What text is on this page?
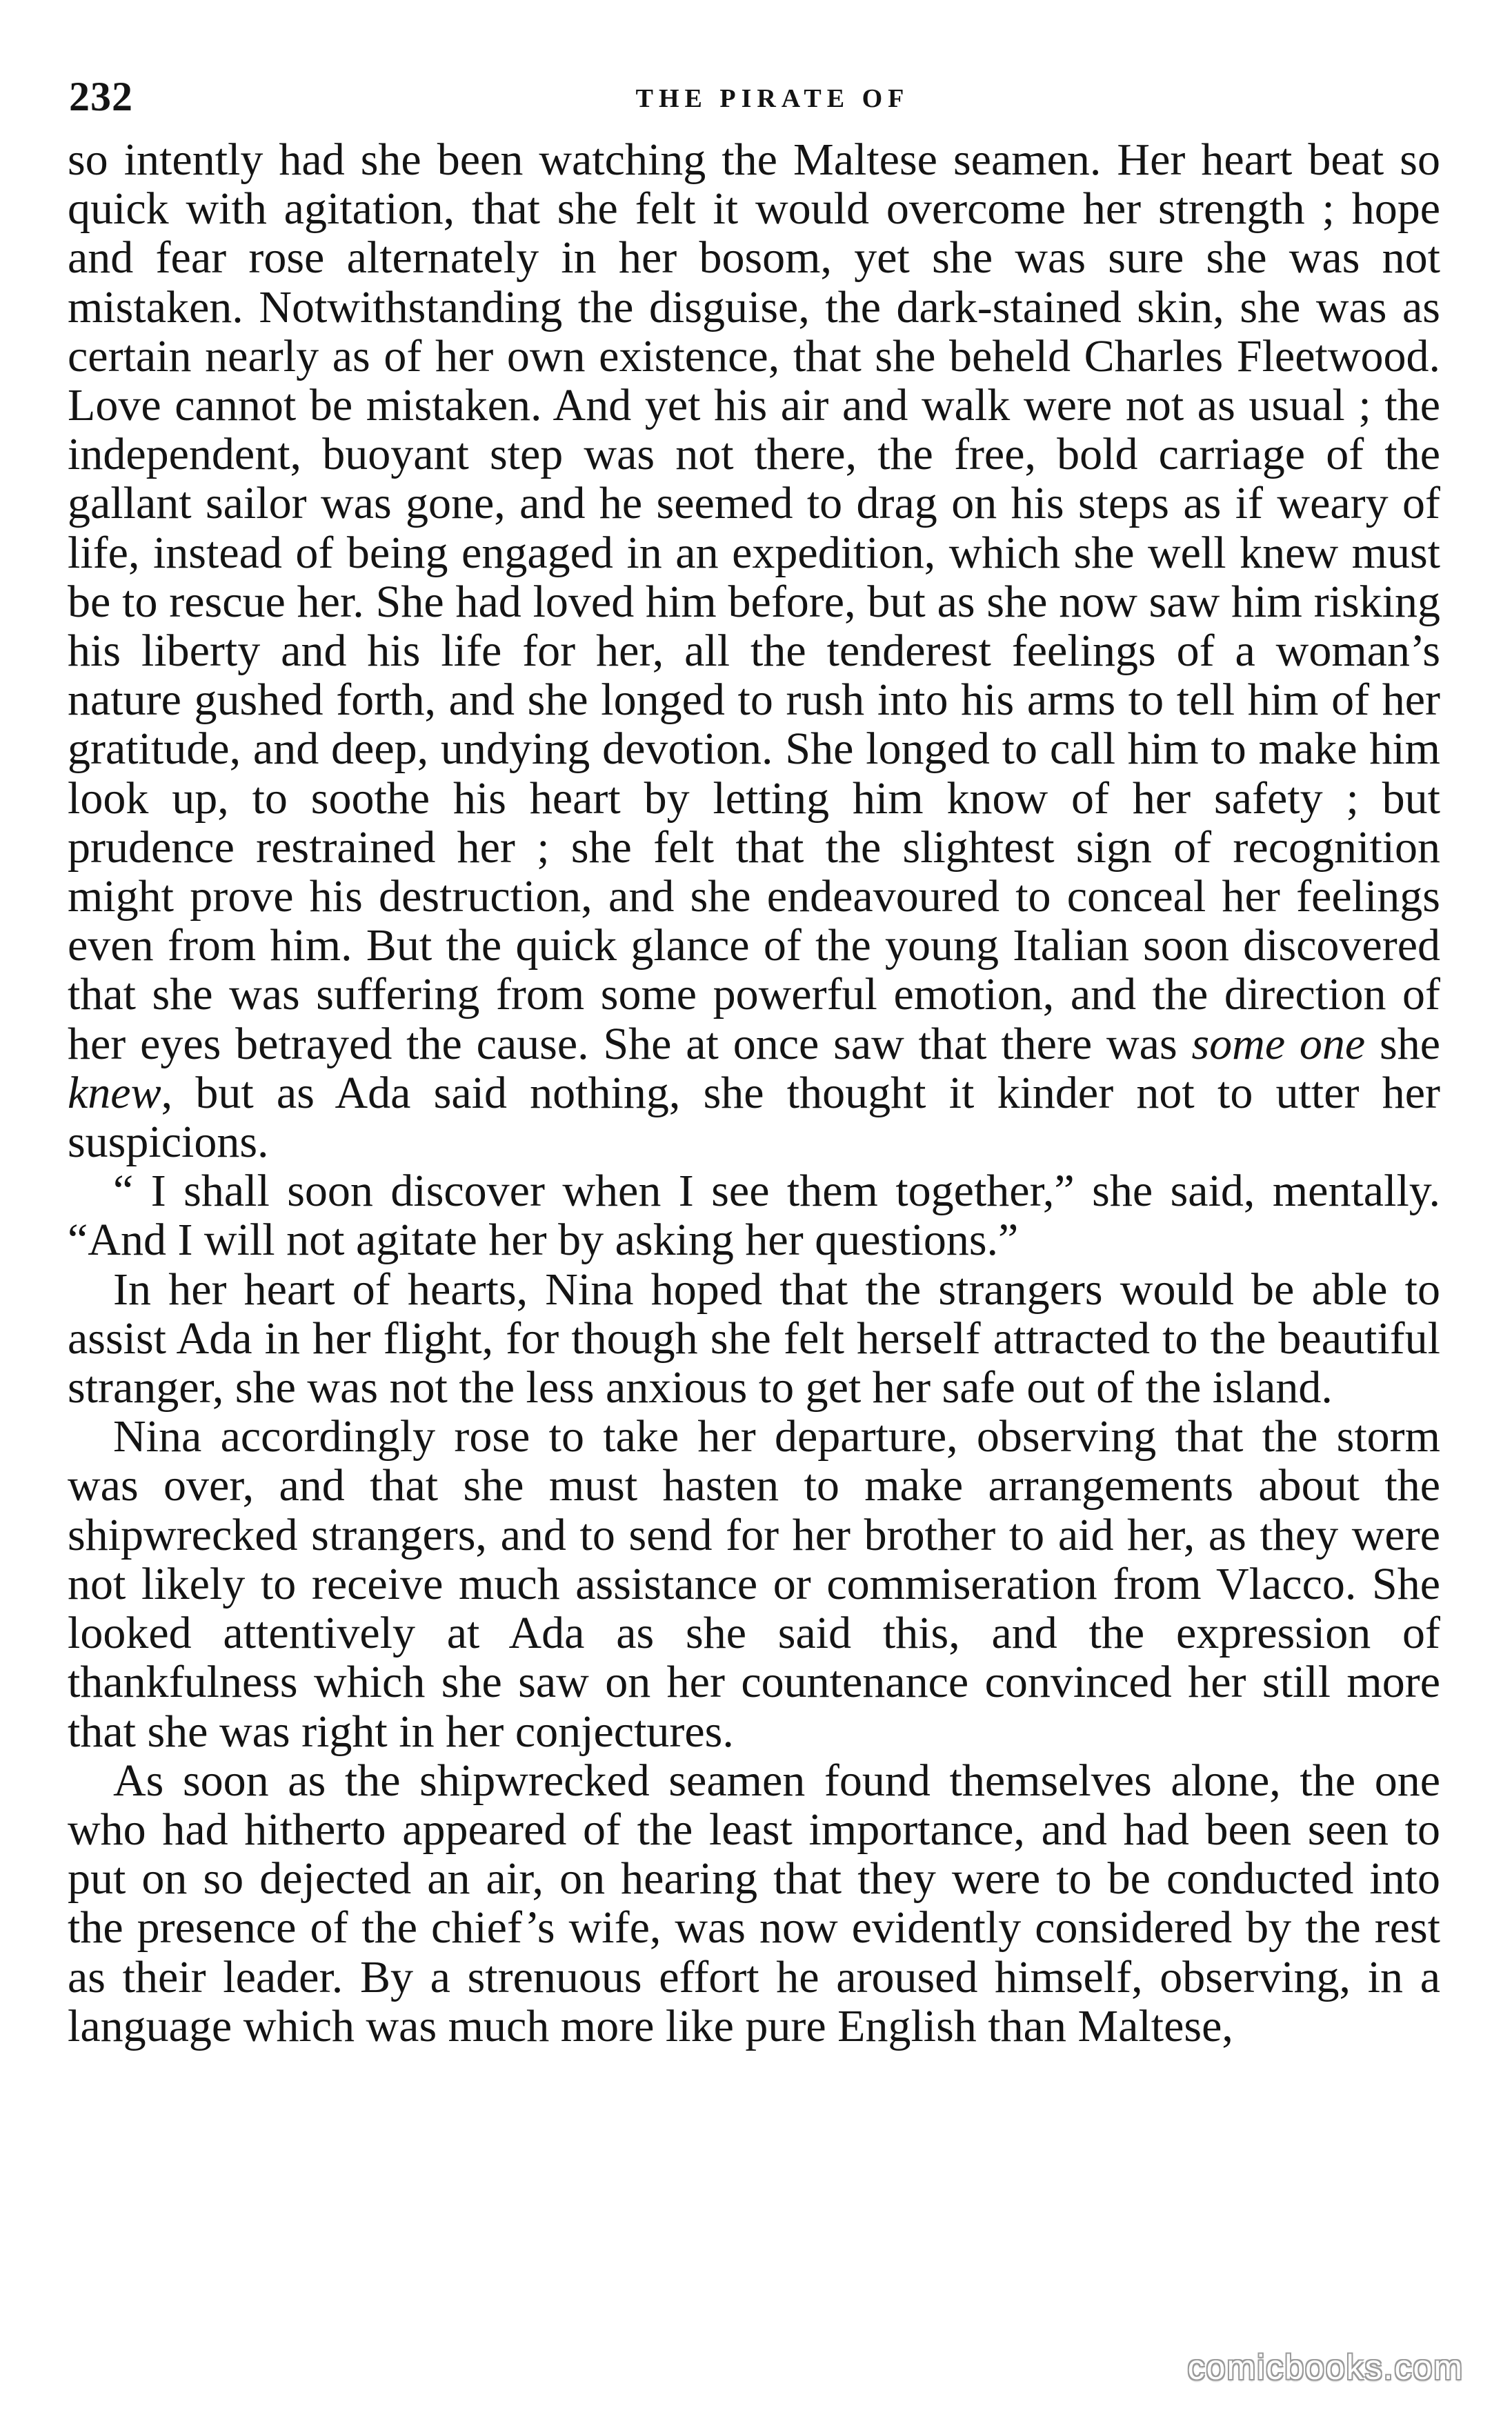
232	THE PIRATE OF

so intently had she been watching the Maltese seamen. Her heart beat so quick with agitation, that she felt it would overcome her strength ; hope and fear rose alternately in her bosom, yet she was sure she was not mistaken. Notwithstanding the disguise, the dark-stained skin, she was as certain nearly as of her own existence, that she beheld Charles Fleetwood. Love cannot be mistaken. And yet his air and walk were not as usual ; the independent, buoyant step was not there, the free, bold carriage of the gallant sailor was gone, and he seemed to drag on his steps as if weary of life, instead of being engaged in an expedition, which she well knew must be to rescue her. She had loved him before, but as she now saw him risking his liberty and his life for her, all the tenderest feelings of a woman’s nature gushed forth, and she longed to rush into his arms to tell him of her gratitude, and deep, undying devotion. She longed to call him to make him look up, to soothe his heart by letting him know of her safety ; but prudence restrained her ; she felt that the slightest sign of recognition might prove his destruction, and she endeavoured to conceal her feelings even from him. But the quick glance of the young Italian soon discovered that she was suffering from some powerful emotion, and the direction of her eyes betrayed the cause. She at once saw that there was some one she knew, but as Ada said nothing, she thought it kinder not to utter her suspicions.

“ I shall soon discover when I see them together,” she said, mentally. “And I will not agitate her by asking her questions.”

In her heart of hearts, Nina hoped that the strangers would be able to assist Ada in her flight, for though she felt herself attracted to the beautiful stranger, she was not the less anxious to get her safe out of the island.

Nina accordingly rose to take her departure, observing that the storm was over, and that she must hasten to make arrangements about the shipwrecked strangers, and to send for her brother to aid her, as they were not likely to receive much assistance or commiseration from Vlacco. She looked attentively at Ada as she said this, and the expression of thankfulness which she saw on her countenance convinced her still more that she was right in her conjectures.

As soon as the shipwrecked seamen found themselves alone, the one who had hitherto appeared of the least importance, and had been seen to put on so dejected an air, on hearing that they were to be conducted into the presence of the chief’s wife, was now evidently considered by the rest as their leader. By a strenuous effort he aroused himself, observing, in a language which was much more like pure English than Maltese,

comicbooks.com
